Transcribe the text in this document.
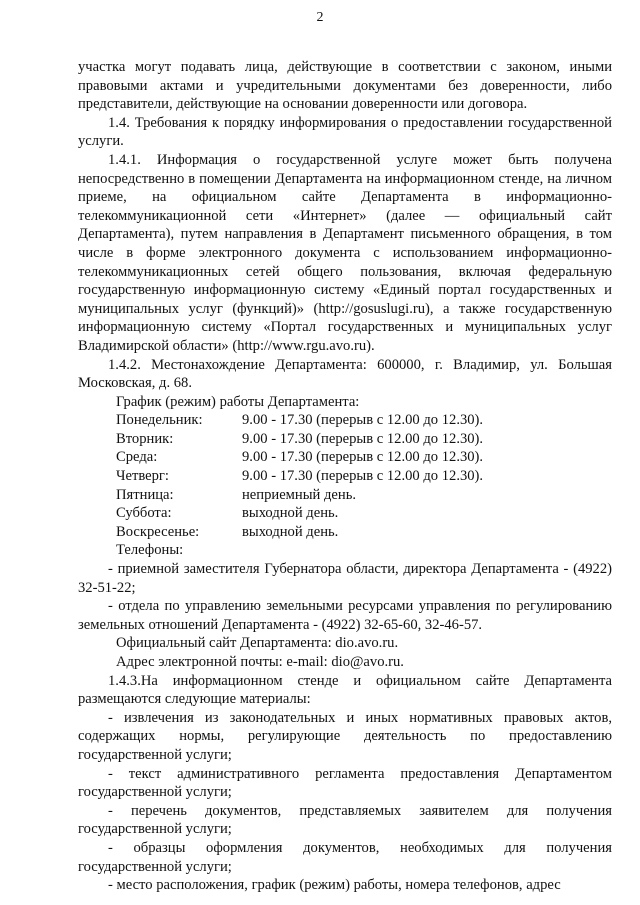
2

участка могут подавать лица, действующие в соответствии с законом, иными правовыми актами и учредительными документами без доверенности, либо представители, действующие на основании доверенности или договора.

1.4. Требования к порядку информирования о предоставлении государственной услуги.

1.4.1. Информация о государственной услуге может быть получена непосредственно в помещении Департамента на информационном стенде, на личном приеме, на официальном сайте Департамента в информационно-телекоммуникационной сети «Интернет» (далее — официальный сайт Департамента), путем направления в Департамент письменного обращения, в том числе в форме электронного документа с использованием информационно-телекоммуникационных сетей общего пользования, включая федеральную государственную информационную систему «Единый портал государственных и муниципальных услуг (функций)» (http://gosuslugi.ru), а также государственную информационную систему «Портал государственных и муниципальных услуг Владимирской области» (http://www.rgu.avo.ru).

1.4.2. Местонахождение Департамента: 600000, г. Владимир, ул. Большая Московская, д. 68.

График (режим) работы Департамента:

Понедельник:	9.00 - 17.30 (перерыв с 12.00 до 12.30).
Вторник:	9.00 - 17.30 (перерыв с 12.00 до 12.30).
Среда:	9.00 - 17.30 (перерыв с 12.00 до 12.30).
Четверг:	9.00 - 17.30 (перерыв с 12.00 до 12.30).
Пятница:	неприемный день.
Суббота:	выходной день.
Воскресенье:	выходной день.

Телефоны:

- приемной заместителя Губернатора области, директора Департамента - (4922) 32-51-22;

- отдела по управлению земельными ресурсами управления по регулированию земельных отношений Департамента - (4922) 32-65-60, 32-46-57.

Официальный сайт Департамента: dio.avo.ru.

Адрес электронной почты: e-mail: dio@avo.ru.

1.4.3.На информационном стенде и официальном сайте Департамента размещаются следующие материалы:

- извлечения из законодательных и иных нормативных правовых актов, содержащих нормы, регулирующие деятельность по предоставлению государственной услуги;

- текст административного регламента предоставления Департаментом государственной услуги;

- перечень документов, представляемых заявителем для получения государственной услуги;

- образцы оформления документов, необходимых для получения государственной услуги;

- место расположения, график (режим) работы, номера телефонов, адрес
